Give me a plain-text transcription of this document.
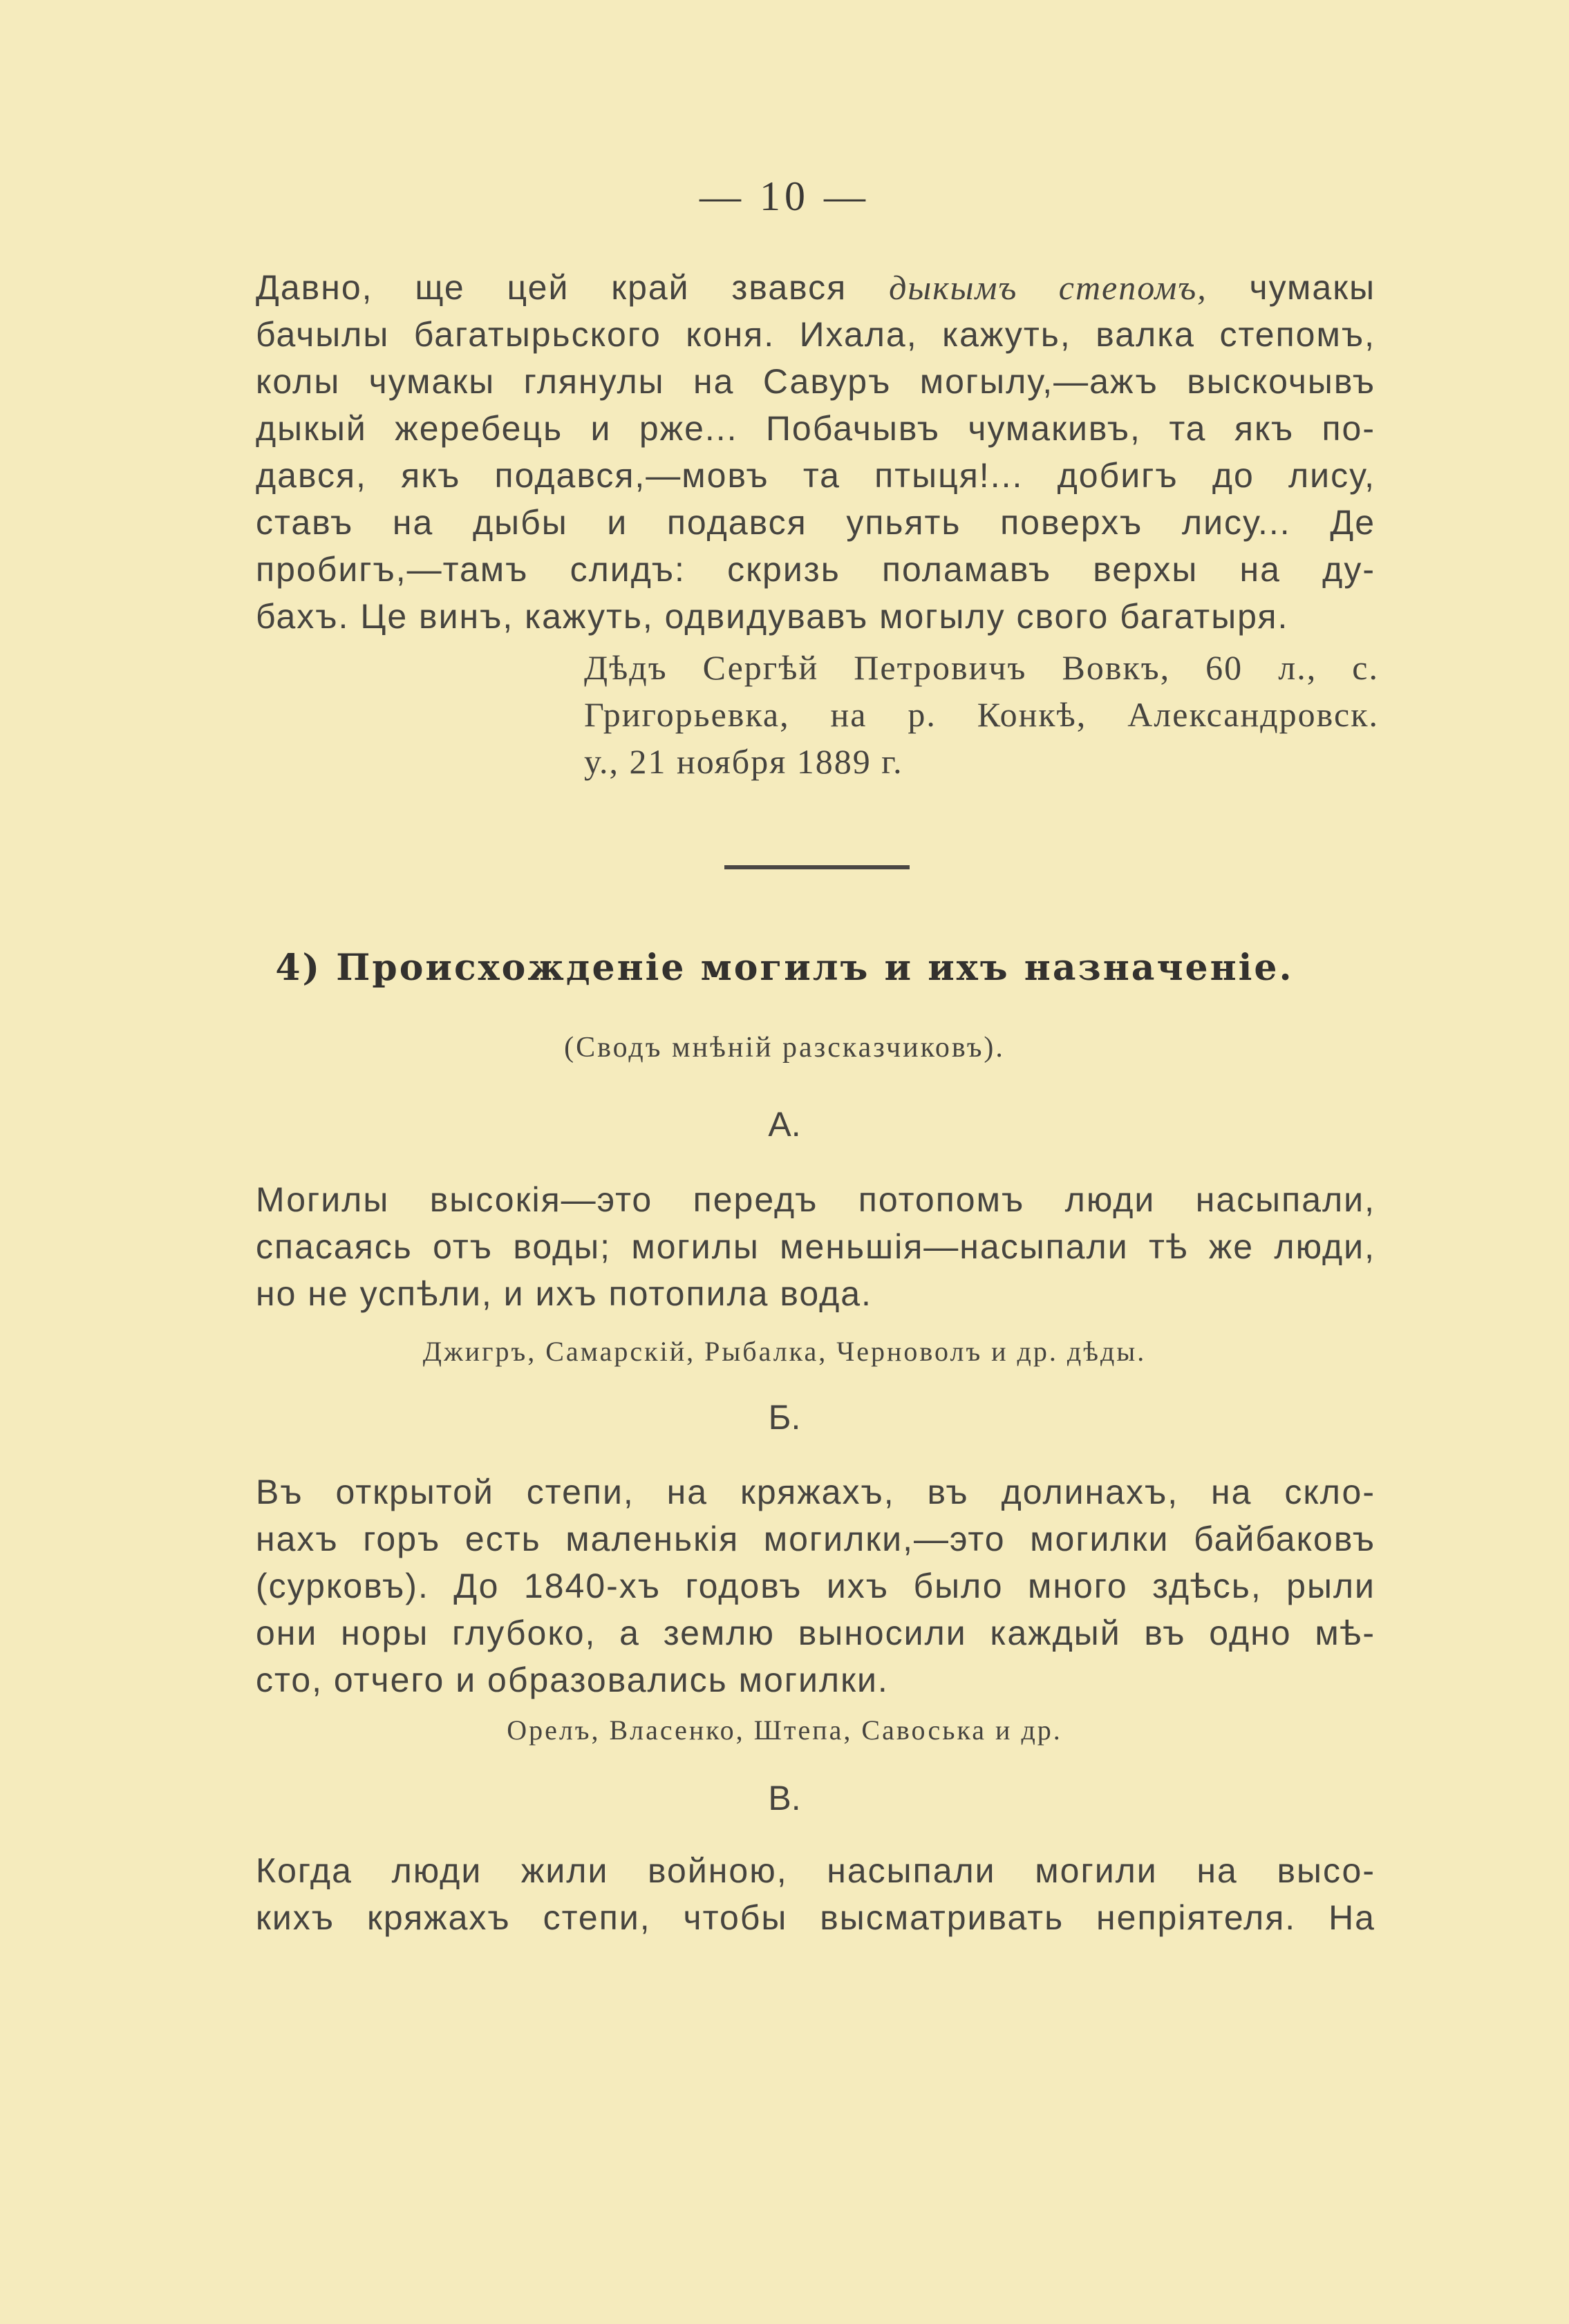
— 10 —
Давно, ще цей край звався дыкымъ степомъ, чумакы
бачылы багатырьского коня. Ихала, кажуть, валка степомъ,
колы чумакы глянулы на Савуръ могылу,—ажъ выскочывъ
дыкый жеребець и рже... Побачывъ чумакивъ, та якъ по-
дався, якъ подався,—мовъ та птыця!... добигъ до лису,
ставъ на дыбы и подався упьять поверхъ лису... Де
пробигъ,—тамъ слидъ: скризь поламавъ верхы на ду-
бахъ. Це винъ, кажуть, одвидувавъ могылу свого багатыря.
Дѣдъ Сергѣй Петровичъ Вовкъ, 60 л., с.
Григорьевка, на р. Конкѣ, Александровск.
у., 21 ноября 1889 г.
4) Происхожденіе могилъ и ихъ назначеніе.
(Сводъ мнѣній разсказчиковъ).
А.
Могилы высокія—это передъ потопомъ люди насыпали,
спасаясь отъ воды; могилы меньшія—насыпали тѣ же люди,
но не успѣли, и ихъ потопила вода.
Джигръ, Самарскій, Рыбалка, Черноволъ и др. дѣды.
Б.
Въ открытой степи, на кряжахъ, въ долинахъ, на скло-
нахъ горъ есть маленькія могилки,—это могилки байбаковъ
(сурковъ). До 1840-хъ годовъ ихъ было много здѣсь, рыли
они норы глубоко, а землю выносили каждый въ одно мѣ-
сто, отчего и образовались могилки.
Орелъ, Власенко, Штепа, Савоська и др.
В.
Когда люди жили войною, насыпали могили на высо-
кихъ кряжахъ степи, чтобы высматривать непріятеля. На
